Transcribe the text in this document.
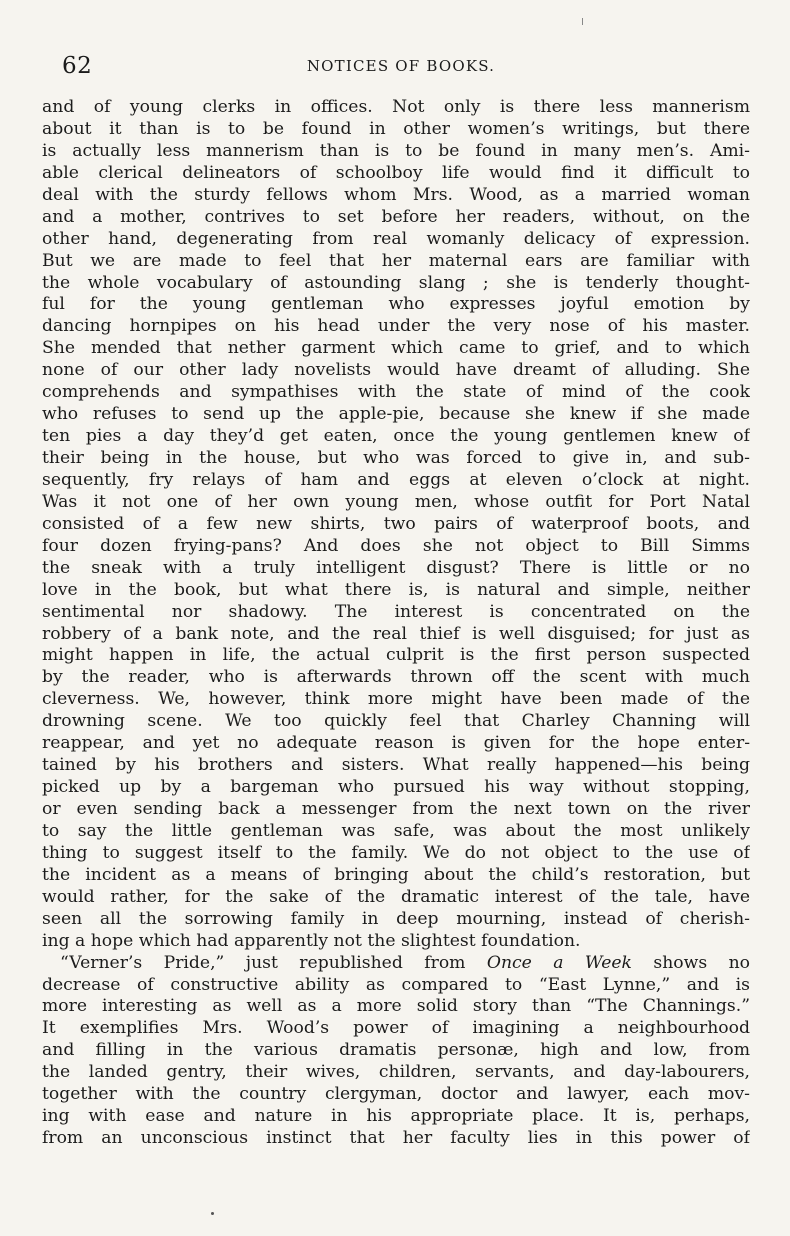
62	NOTICES OF BOOKS.
and of young clerks in offices. Not only is there less mannerism
about it than is to be found in other women’s writings, but there
is actually less mannerism than is to be found in many men’s. Ami-
able clerical delineators of schoolboy life would find it difficult to
deal with the sturdy fellows whom Mrs. Wood, as a married woman
and a mother, contrives to set before her readers, without, on the
other hand, degenerating from real womanly delicacy of expression.
But we are made to feel that her maternal ears are familiar with
the whole vocabulary of astounding slang ; she is tenderly thought-
ful for the young gentleman who expresses joyful emotion by
dancing hornpipes on his head under the very nose of his master.
She mended that nether garment which came to grief, and to which
none of our other lady novelists would have dreamt of alluding. She
comprehends and sympathises with the state of mind of the cook
who refuses to send up the apple-pie, because she knew if she made
ten pies a day they’d get eaten, once the young gentlemen knew of
their being in the house, but who was forced to give in, and sub-
sequently, fry relays of ham and eggs at eleven o’clock at night.
Was it not one of her own young men, whose outfit for Port Natal
consisted of a few new shirts, two pairs of waterproof boots, and
four dozen frying-pans? And does she not object to Bill Simms
the sneak with a truly intelligent disgust? There is little or no
love in the book, but what there is, is natural and simple, neither
sentimental nor shadowy. The interest is concentrated on the
robbery of a bank note, and the real thief is well disguised; for just as
might happen in life, the actual culprit is the first person suspected
by the reader, who is afterwards thrown off the scent with much
cleverness. We, however, think more might have been made of the
drowning scene. We too quickly feel that Charley Channing will
reappear, and yet no adequate reason is given for the hope enter-
tained by his brothers and sisters. What really happened—his being
picked up by a bargeman who pursued his way without stopping,
or even sending back a messenger from the next town on the river
to say the little gentleman was safe, was about the most unlikely
thing to suggest itself to the family. We do not object to the use of
the incident as a means of bringing about the child’s restoration, but
would rather, for the sake of the dramatic interest of the tale, have
seen all the sorrowing family in deep mourning, instead of cherish-
ing a hope which had apparently not the slightest foundation.
“Verner’s Pride,” just republished from Once a Week shows no
decrease of constructive ability as compared to “East Lynne,” and is
more interesting as well as a more solid story than “The Channings.”
It exemplifies Mrs. Wood’s power of imagining a neighbourhood
and filling in the various dramatis personæ, high and low, from
the landed gentry, their wives, children, servants, and day-labourers,
together with the country clergyman, doctor and lawyer, each mov-
ing with ease and nature in his appropriate place. It is, perhaps,
from an unconscious instinct that her faculty lies in this power of
